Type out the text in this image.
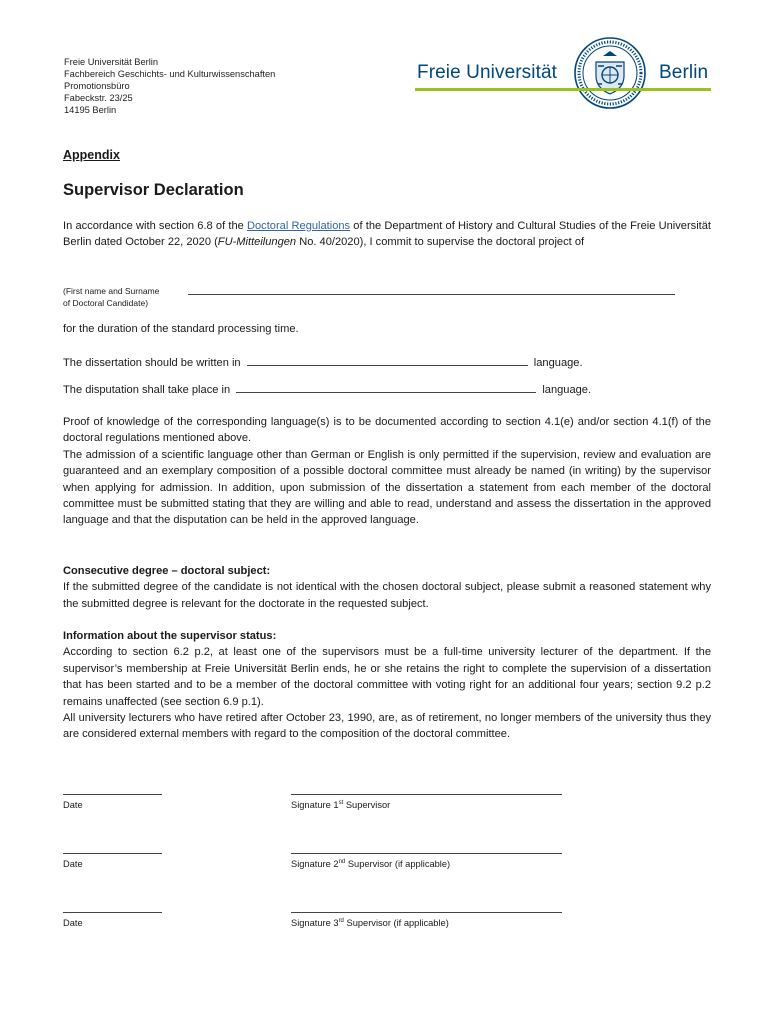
Freie Universität Berlin
Fachbereich Geschichts- und Kulturwissenschaften
Promotionsbüro
Fabeckstr. 23/25
14195 Berlin
Freie Universität	Berlin
Appendix
Supervisor Declaration
In accordance with section 6.8 of the Doctoral Regulations of the Department of History and Cultural Studies of the Freie Universität Berlin dated October 22, 2020 (FU-Mitteilungen No. 40/2020), I commit to supervise the doctoral project of
(First name and Surname
of Doctoral Candidate)
for the duration of the standard processing time.
The dissertation should be written in	language.
The disputation shall take place in	language.

Proof of knowledge of the corresponding language(s) is to be documented according to section 4.1(e) and/or section 4.1(f) of the doctoral regulations mentioned above.

The admission of a scientific language other than German or English is only permitted if the supervision, review and evaluation are guaranteed and an exemplary composition of a possible doctoral committee must already be named (in writing) by the supervisor when applying for admission. In addition, upon submission of the dissertation a statement from each member of the doctoral committee must be submitted stating that they are willing and able to read, understand and assess the dissertation in the approved language and that the disputation can be held in the approved language.

Consecutive degree – doctoral subject:

If the submitted degree of the candidate is not identical with the chosen doctoral subject, please submit a reasoned statement why the submitted degree is relevant for the doctorate in the requested subject.

Information about the supervisor status:

According to section 6.2 p.2, at least one of the supervisors must be a full-time university lecturer of the department. If the supervisor’s membership at Freie Universität Berlin ends, he or she retains the right to complete the supervision of a dissertation that has been started and to be a member of the doctoral committee with voting right for an additional four years; section 9.2 p.2 remains unaffected (see section 6.9 p.1).

All university lecturers who have retired after October 23, 1990, are, as of retirement, no longer members of the university thus they are considered external members with regard to the composition of the doctoral committee.

Date	Signature 1st Supervisor
Date	Signature 2nd Supervisor (if applicable)
Date	Signature 3rd Supervisor (if applicable)
